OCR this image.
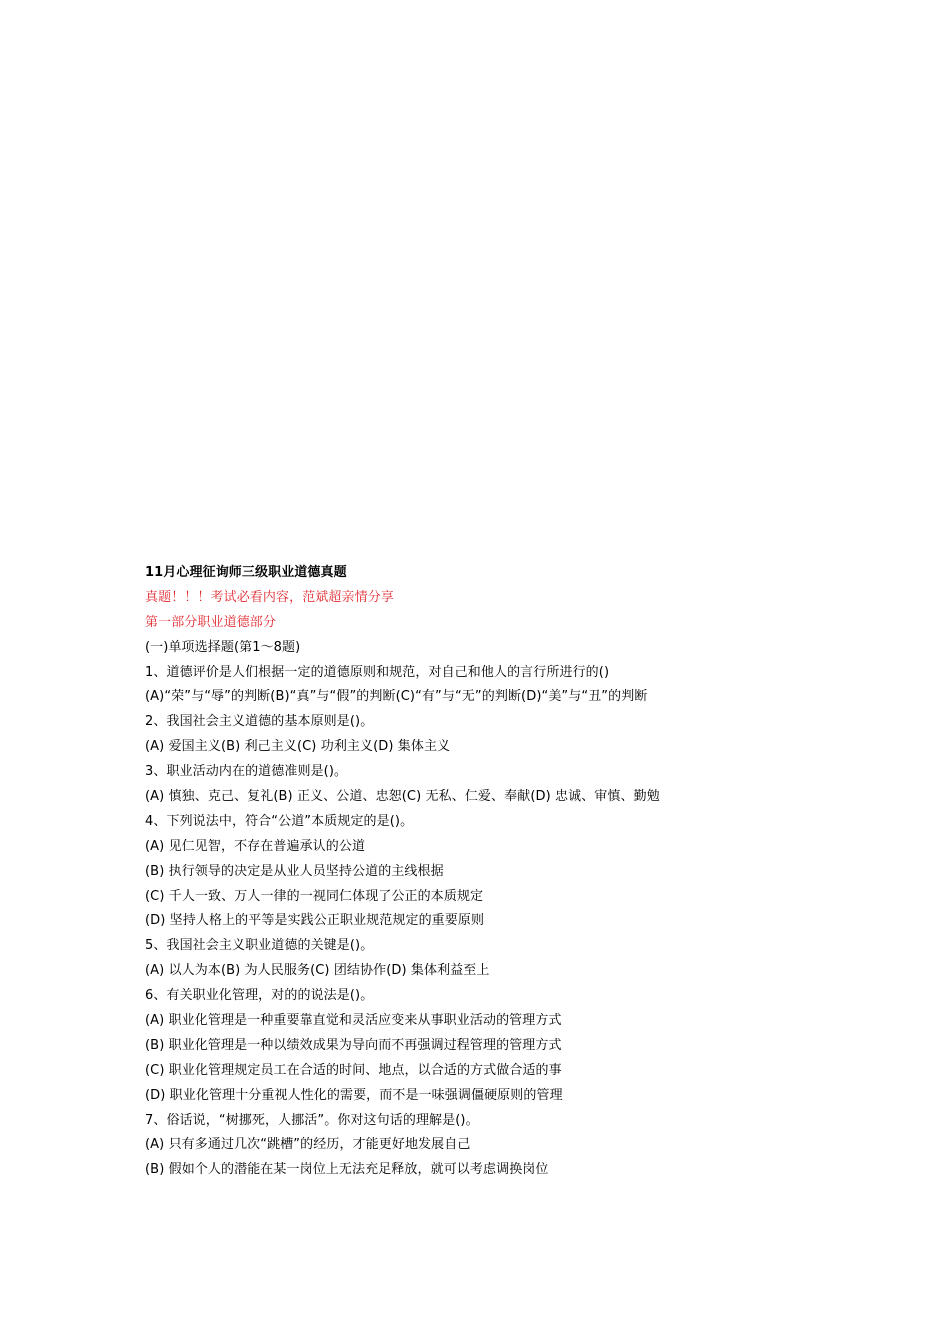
11月心理征询师三级职业道德真题
真题！！！考试必看内容，范斌超亲情分享
第一部分职业道德部分
(一)单项选择题(第1～8题)
1、道德评价是人们根据一定的道德原则和规范，对自己和他人的言行所进行的()
(A)“荣”与“辱”的判断(B)“真”与“假”的判断(C)“有”与“无”的判断(D)“美”与“丑”的判断
2、我国社会主义道德的基本原则是()。
(A) 爱国主义(B) 利己主义(C) 功利主义(D) 集体主义
3、职业活动内在的道德准则是()。
(A) 慎独、克己、复礼(B) 正义、公道、忠恕(C) 无私、仁爱、奉献(D) 忠诚、审慎、勤勉
4、下列说法中，符合“公道”本质规定的是()。
(A) 见仁见智，不存在普遍承认的公道
(B) 执行领导的决定是从业人员坚持公道的主线根据
(C) 千人一致、万人一律的一视同仁体现了公正的本质规定
(D) 坚持人格上的平等是实践公正职业规范规定的重要原则
5、我国社会主义职业道德的关键是()。
(A) 以人为本(B) 为人民服务(C) 团结协作(D) 集体利益至上
6、有关职业化管理，对的的说法是()。
(A) 职业化管理是一种重要靠直觉和灵活应变来从事职业活动的管理方式
(B) 职业化管理是一种以绩效成果为导向而不再强调过程管理的管理方式
(C) 职业化管理规定员工在合适的时间、地点，以合适的方式做合适的事
(D) 职业化管理十分重视人性化的需要，而不是一味强调僵硬原则的管理
7、俗话说，“树挪死，人挪活”。你对这句话的理解是()。
(A) 只有多通过几次“跳槽”的经历，才能更好地发展自己
(B) 假如个人的潜能在某一岗位上无法充足释放，就可以考虑调换岗位
